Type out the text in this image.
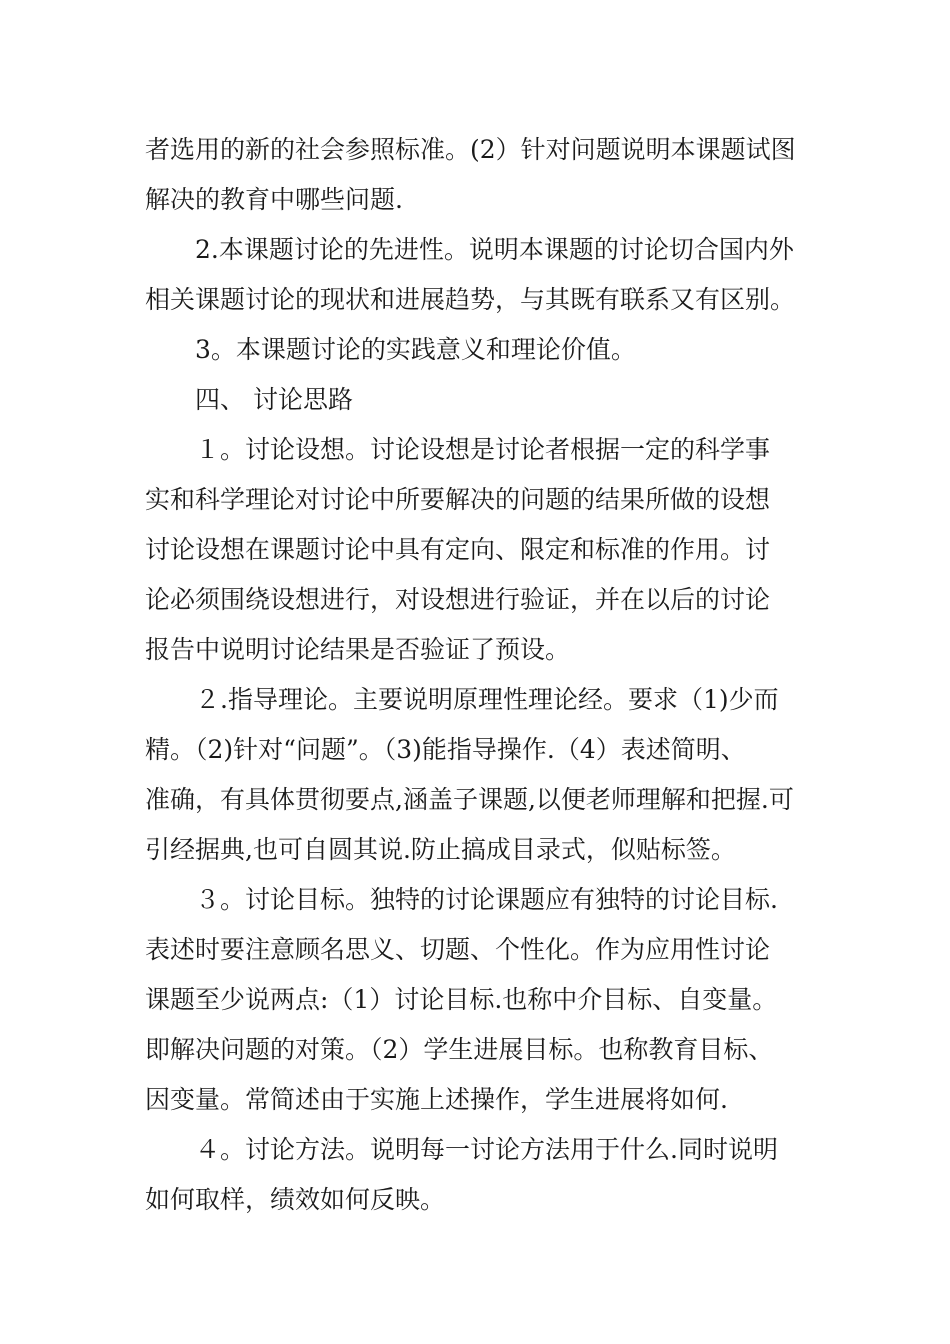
者选用的新的社会参照标准。(2）针对问题说明本课题试图
解决的教育中哪些问题.
2.本课题讨论的先进性。说明本课题的讨论切合国内外
相关课题讨论的现状和进展趋势，与其既有联系又有区别。
3。本课题讨论的实践意义和理论价值。
四、 讨论思路
１。讨论设想。讨论设想是讨论者根据一定的科学事
实和科学理论对讨论中所要解决的问题的结果所做的设想
讨论设想在课题讨论中具有定向、限定和标准的作用。讨
论必须围绕设想进行，对设想进行验证，并在以后的讨论
报告中说明讨论结果是否验证了预设。
２.指导理论。主要说明原理性理论经。要求（1)少而
精。（2)针对“问题”。（3)能指导操作.（4）表述简明、
准确，有具体贯彻要点,涵盖子课题,以便老师理解和把握.可
引经据典,也可自圆其说.防止搞成目录式，似贴标签。
３。讨论目标。独特的讨论课题应有独特的讨论目标.
表述时要注意顾名思义、切题、个性化。作为应用性讨论
课题至少说两点:（1）讨论目标.也称中介目标、自变量。
即解决问题的对策。（2）学生进展目标。也称教育目标、
因变量。常简述由于实施上述操作，学生进展将如何.
４。讨论方法。说明每一讨论方法用于什么.同时说明
如何取样，绩效如何反映。
